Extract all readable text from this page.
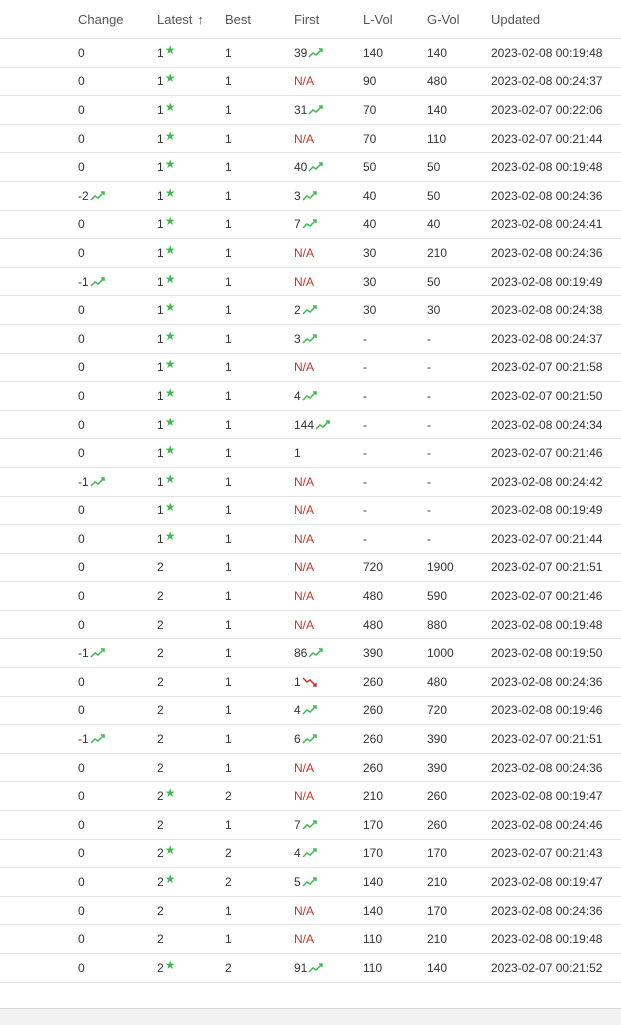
Change	Latest ↑	Best	First	L-Vol	G-Vol	Updated
0	1 ★	1	39	140	140	2023-02-08 00:19:48
0	1 ★	1	N/A	90	480	2023-02-08 00:24:37
0	1 ★	1	31	70	140	2023-02-07 00:22:06
0	1 ★	1	N/A	70	110	2023-02-07 00:21:44
0	1 ★	1	40	50	50	2023-02-08 00:19:48
-2	1 ★	1	3	40	50	2023-02-08 00:24:36
0	1 ★	1	7	40	40	2023-02-08 00:24:41
0	1 ★	1	N/A	30	210	2023-02-08 00:24:36
-1	1 ★	1	N/A	30	50	2023-02-08 00:19:49
0	1 ★	1	2	30	30	2023-02-08 00:24:38
0	1 ★	1	3	-	-	2023-02-08 00:24:37
0	1 ★	1	N/A	-	-	2023-02-07 00:21:58
0	1 ★	1	4	-	-	2023-02-07 00:21:50
0	1 ★	1	144	-	-	2023-02-08 00:24:34
0	1 ★	1	1	-	-	2023-02-07 00:21:46
-1	1 ★	1	N/A	-	-	2023-02-08 00:24:42
0	1 ★	1	N/A	-	-	2023-02-08 00:19:49
0	1 ★	1	N/A	-	-	2023-02-07 00:21:44
0	2	1	N/A	720	1900	2023-02-07 00:21:51
0	2	1	N/A	480	590	2023-02-07 00:21:46
0	2	1	N/A	480	880	2023-02-08 00:19:48
-1	2	1	86	390	1000	2023-02-08 00:19:50
0	2	1	1	260	480	2023-02-08 00:24:36
0	2	1	4	260	720	2023-02-08 00:19:46
-1	2	1	6	260	390	2023-02-07 00:21:51
0	2	1	N/A	260	390	2023-02-08 00:24:36
0	2 ★	2	N/A	210	260	2023-02-08 00:19:47
0	2	1	7	170	260	2023-02-08 00:24:46
0	2 ★	2	4	170	170	2023-02-07 00:21:43
0	2 ★	2	5	140	210	2023-02-08 00:19:47
0	2	1	N/A	140	170	2023-02-08 00:24:36
0	2	1	N/A	110	210	2023-02-08 00:19:48
0	2 ★	2	91	110	140	2023-02-07 00:21:52
